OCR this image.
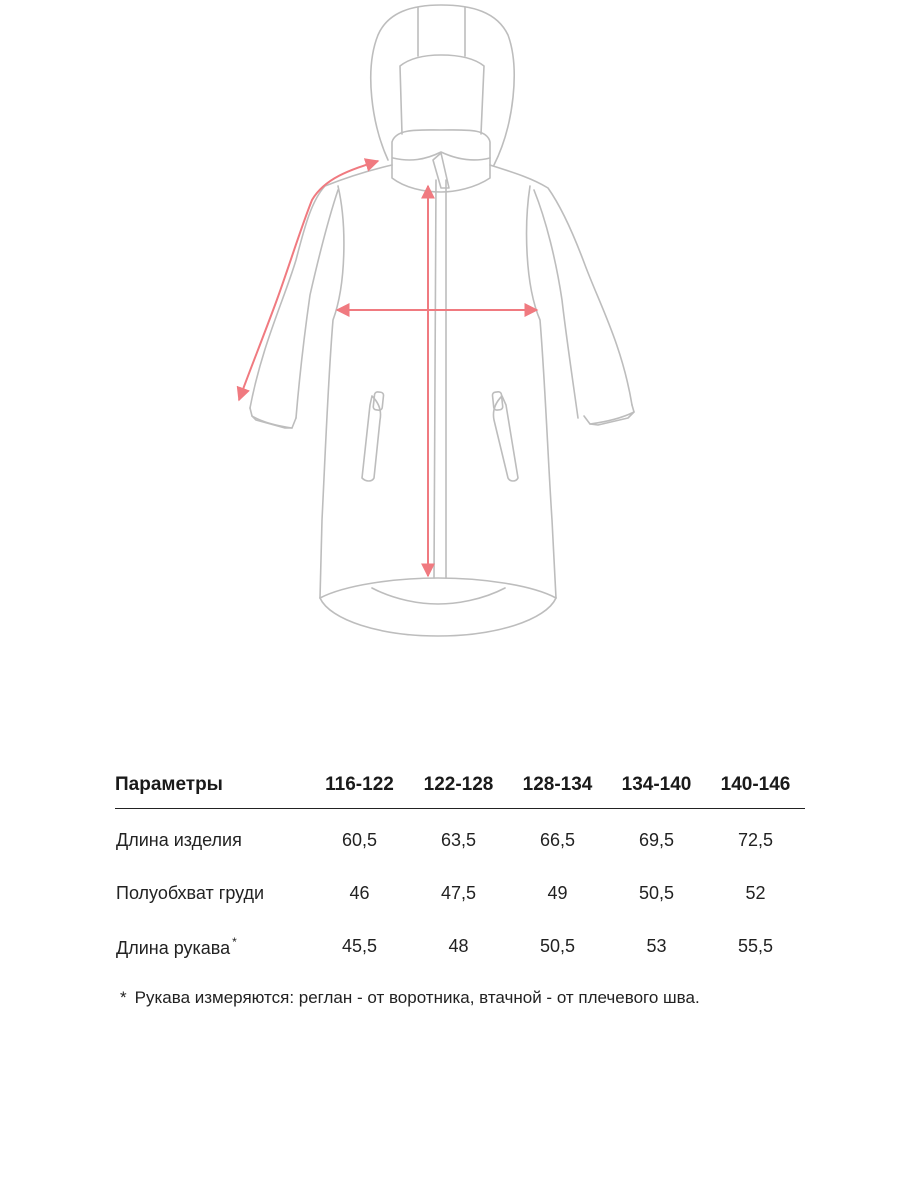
Параметры	116-122	122-128	128-134	134-140	140-146
Длина изделия	60,5	63,5	66,5	69,5	72,5
Полуобхват груди	46	47,5	49	50,5	52
Длина рукава *	45,5	48	50,5	53	55,5
* Рукава измеряются: реглан - от воротника, втачной - от плечевого шва.
